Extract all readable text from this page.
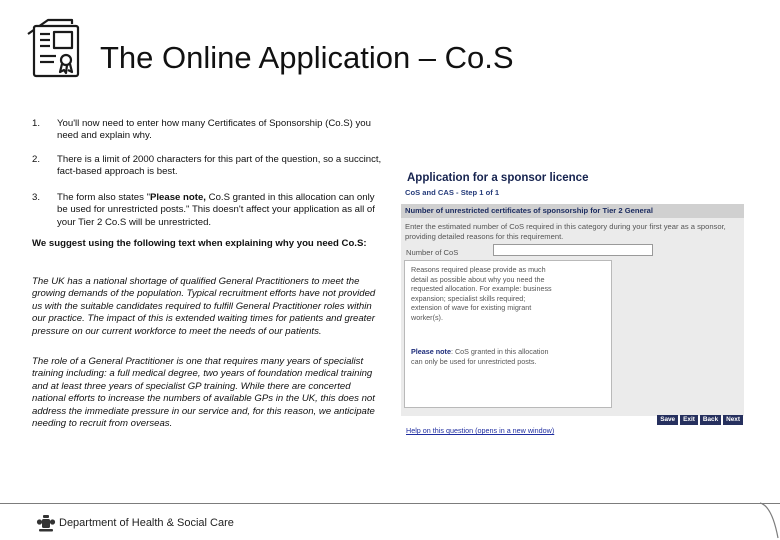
The Online Application – Co.S
1.	You'll now need to enter how many Certificates of Sponsorship (Co.S) you need and explain why.
2.	There is a limit of 2000 characters for this part of the question, so a succinct, fact-based approach is best.
3.	The form also states "Please note, Co.S granted in this allocation can only be used for unrestricted posts." This doesn't affect your application as all of your Tier 2 Co.S will be unrestricted.
We suggest using the following text when explaining why you need Co.S:
The UK has a national shortage of qualified General Practitioners to meet the growing demands of the population. Typical recruitment efforts have not provided us with the suitable candidates required to fulfill General Practitioner roles within our practice. The impact of this is extended waiting times for patients and greater pressure on our current workforce to meet the needs of our patients.
The role of a General Practitioner is one that requires many years of specialist training including: a full medical degree, two years of foundation medical training and at least three years of specialist GP training. While there are concerted national efforts to increase the numbers of available GPs in the UK, this does not address the immediate pressure in our service and, for this reason, we anticipate needing to recruit from overseas.
Application for a sponsor licence
CoS and CAS - Step 1 of 1
Number of unrestricted certificates of sponsorship for Tier 2 General
Enter the estimated number of CoS required in this category during your first year as a sponsor, providing detailed reasons for this requirement.
Number of CoS
Reasons required please provide as much detail as possible about why you need the requested allocation. For example: business expansion; specialist skills required; extension of wave for existing migrant worker(s).
Please note: CoS granted in this allocation can only be used for unrestricted posts.
Help on this question (opens in a new window)
Save	Exit	Back	Next
Department of Health & Social Care
